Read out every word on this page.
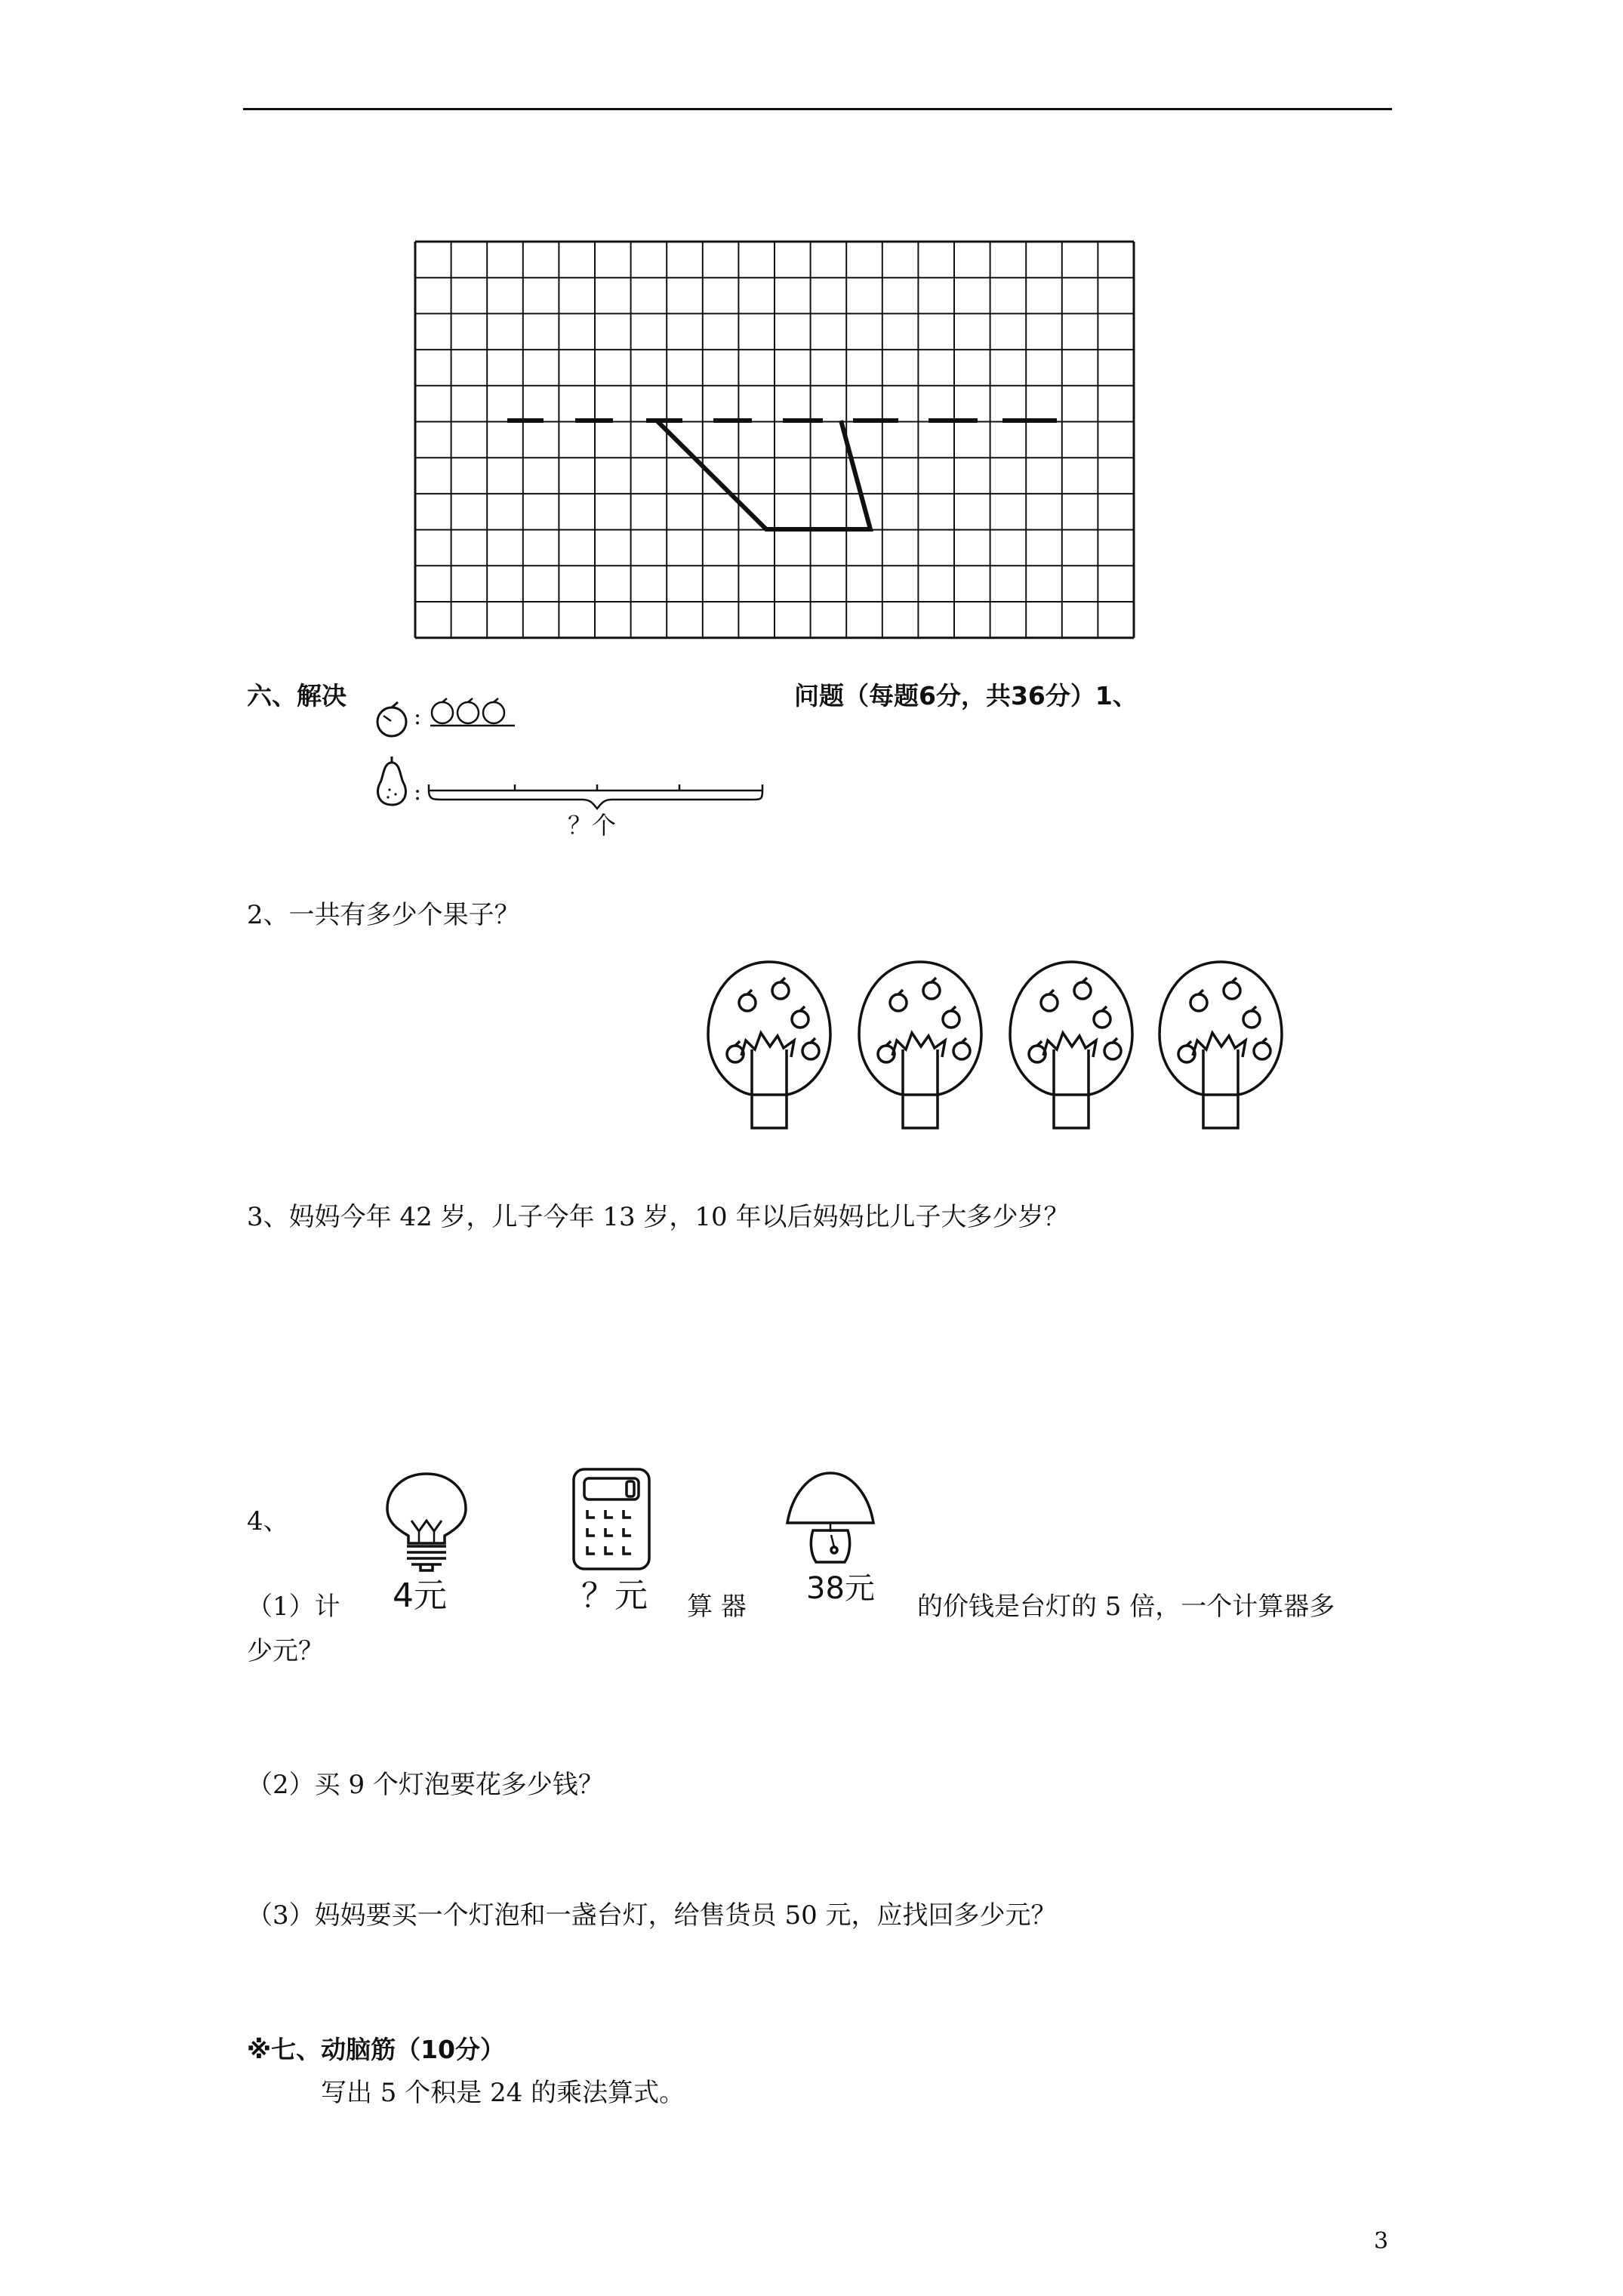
六、解决	问题（每题6分，共36分）1、
:
:
？个
2、一共有多少个果子？
3、妈妈今年 42 岁，儿子今年 13 岁，10 年以后妈妈比儿子大多少岁？
4、
4元	？元	38元
（1）计	算 器	的价钱是台灯的 5 倍，一个计算器多
少元？
（2）买 9 个灯泡要花多少钱？
（3）妈妈要买一个灯泡和一盏台灯，给售货员 50 元，应找回多少元？
※七、动脑筋（10分）
写出 5 个积是 24 的乘法算式。
3
